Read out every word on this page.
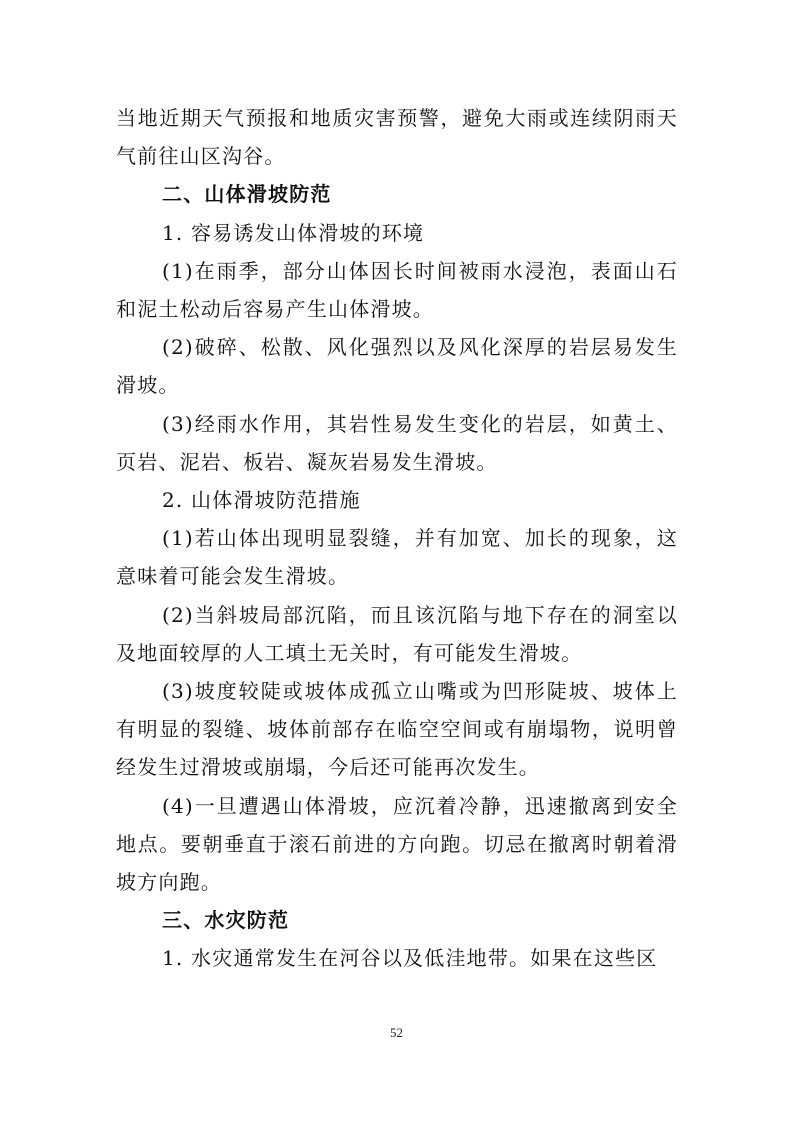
当地近期天气预报和地质灾害预警，避免大雨或连续阴雨天气前往山区沟谷。

二、山体滑坡防范

1. 容易诱发山体滑坡的环境

(1)在雨季，部分山体因长时间被雨水浸泡，表面山石和泥土松动后容易产生山体滑坡。

(2)破碎、松散、风化强烈以及风化深厚的岩层易发生滑坡。

(3)经雨水作用，其岩性易发生变化的岩层，如黄土、页岩、泥岩、板岩、凝灰岩易发生滑坡。

2. 山体滑坡防范措施

(1)若山体出现明显裂缝，并有加宽、加长的现象，这意味着可能会发生滑坡。

(2)当斜坡局部沉陷，而且该沉陷与地下存在的洞室以及地面较厚的人工填土无关时，有可能发生滑坡。

(3)坡度较陡或坡体成孤立山嘴或为凹形陡坡、坡体上有明显的裂缝、坡体前部存在临空空间或有崩塌物，说明曾经发生过滑坡或崩塌，今后还可能再次发生。

(4)一旦遭遇山体滑坡，应沉着冷静，迅速撤离到安全地点。要朝垂直于滚石前进的方向跑。切忌在撤离时朝着滑坡方向跑。

三、水灾防范

1. 水灾通常发生在河谷以及低洼地带。如果在这些区

52
